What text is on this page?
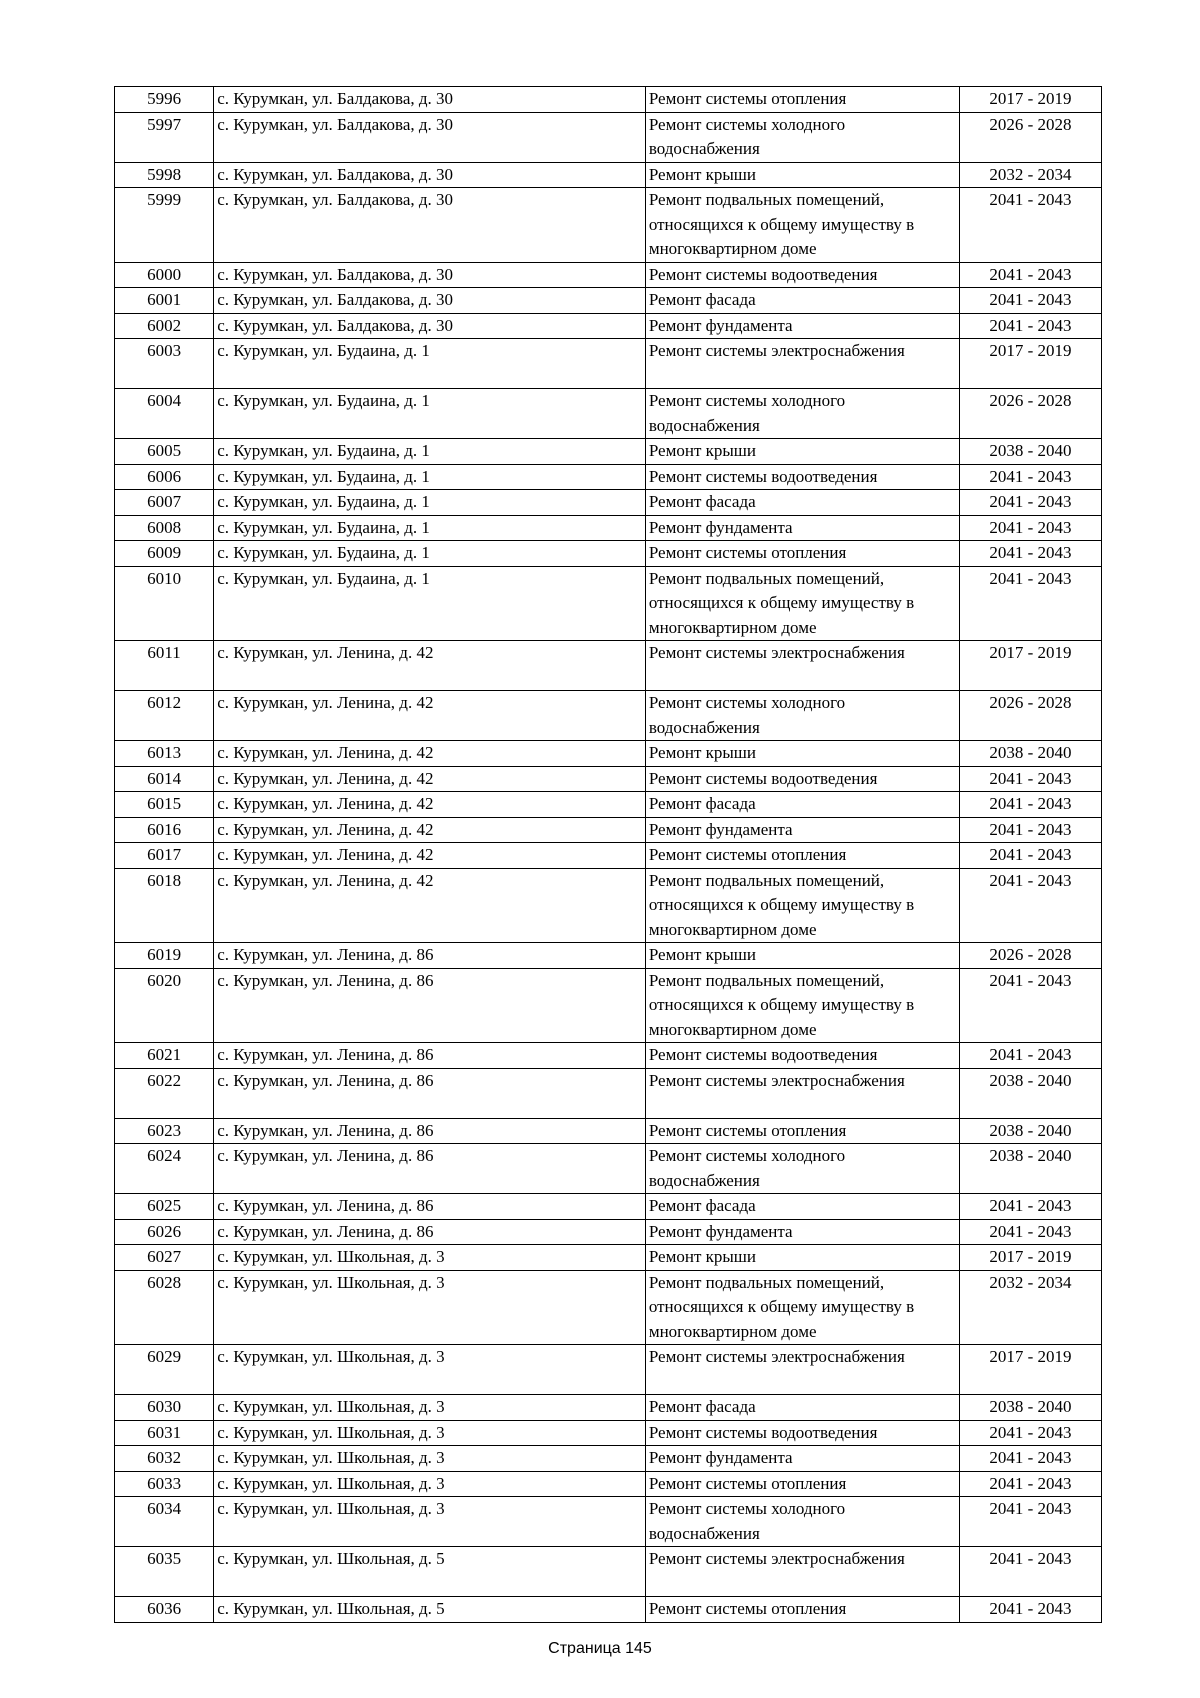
5996	с. Курумкан, ул. Балдакова, д. 30	Ремонт системы отопления	2017 - 2019
5997	с. Курумкан, ул. Балдакова, д. 30	Ремонт системы холодного водоснабжения	2026 - 2028
5998	с. Курумкан, ул. Балдакова, д. 30	Ремонт крыши	2032 - 2034
5999	с. Курумкан, ул. Балдакова, д. 30	Ремонт подвальных помещений, относящихся к общему имуществу в многоквартирном доме	2041 - 2043
6000	с. Курумкан, ул. Балдакова, д. 30	Ремонт системы водоотведения	2041 - 2043
6001	с. Курумкан, ул. Балдакова, д. 30	Ремонт фасада	2041 - 2043
6002	с. Курумкан, ул. Балдакова, д. 30	Ремонт фундамента	2041 - 2043
6003	с. Курумкан, ул. Будаина, д. 1	Ремонт системы электроснабжения	2017 - 2019
6004	с. Курумкан, ул. Будаина, д. 1	Ремонт системы холодного водоснабжения	2026 - 2028
6005	с. Курумкан, ул. Будаина, д. 1	Ремонт крыши	2038 - 2040
6006	с. Курумкан, ул. Будаина, д. 1	Ремонт системы водоотведения	2041 - 2043
6007	с. Курумкан, ул. Будаина, д. 1	Ремонт фасада	2041 - 2043
6008	с. Курумкан, ул. Будаина, д. 1	Ремонт фундамента	2041 - 2043
6009	с. Курумкан, ул. Будаина, д. 1	Ремонт системы отопления	2041 - 2043
6010	с. Курумкан, ул. Будаина, д. 1	Ремонт подвальных помещений, относящихся к общему имуществу в многоквартирном доме	2041 - 2043
6011	с. Курумкан, ул. Ленина, д. 42	Ремонт системы электроснабжения	2017 - 2019
6012	с. Курумкан, ул. Ленина, д. 42	Ремонт системы холодного водоснабжения	2026 - 2028
6013	с. Курумкан, ул. Ленина, д. 42	Ремонт крыши	2038 - 2040
6014	с. Курумкан, ул. Ленина, д. 42	Ремонт системы водоотведения	2041 - 2043
6015	с. Курумкан, ул. Ленина, д. 42	Ремонт фасада	2041 - 2043
6016	с. Курумкан, ул. Ленина, д. 42	Ремонт фундамента	2041 - 2043
6017	с. Курумкан, ул. Ленина, д. 42	Ремонт системы отопления	2041 - 2043
6018	с. Курумкан, ул. Ленина, д. 42	Ремонт подвальных помещений, относящихся к общему имуществу в многоквартирном доме	2041 - 2043
6019	с. Курумкан, ул. Ленина, д. 86	Ремонт крыши	2026 - 2028
6020	с. Курумкан, ул. Ленина, д. 86	Ремонт подвальных помещений, относящихся к общему имуществу в многоквартирном доме	2041 - 2043
6021	с. Курумкан, ул. Ленина, д. 86	Ремонт системы водоотведения	2041 - 2043
6022	с. Курумкан, ул. Ленина, д. 86	Ремонт системы электроснабжения	2038 - 2040
6023	с. Курумкан, ул. Ленина, д. 86	Ремонт системы отопления	2038 - 2040
6024	с. Курумкан, ул. Ленина, д. 86	Ремонт системы холодного водоснабжения	2038 - 2040
6025	с. Курумкан, ул. Ленина, д. 86	Ремонт фасада	2041 - 2043
6026	с. Курумкан, ул. Ленина, д. 86	Ремонт фундамента	2041 - 2043
6027	с. Курумкан, ул. Школьная, д. 3	Ремонт крыши	2017 - 2019
6028	с. Курумкан, ул. Школьная, д. 3	Ремонт подвальных помещений, относящихся к общему имуществу в многоквартирном доме	2032 - 2034
6029	с. Курумкан, ул. Школьная, д. 3	Ремонт системы электроснабжения	2017 - 2019
6030	с. Курумкан, ул. Школьная, д. 3	Ремонт фасада	2038 - 2040
6031	с. Курумкан, ул. Школьная, д. 3	Ремонт системы водоотведения	2041 - 2043
6032	с. Курумкан, ул. Школьная, д. 3	Ремонт фундамента	2041 - 2043
6033	с. Курумкан, ул. Школьная, д. 3	Ремонт системы отопления	2041 - 2043
6034	с. Курумкан, ул. Школьная, д. 3	Ремонт системы холодного водоснабжения	2041 - 2043
6035	с. Курумкан, ул. Школьная, д. 5	Ремонт системы электроснабжения	2041 - 2043
6036	с. Курумкан, ул. Школьная, д. 5	Ремонт системы отопления	2041 - 2043
Страница 145
